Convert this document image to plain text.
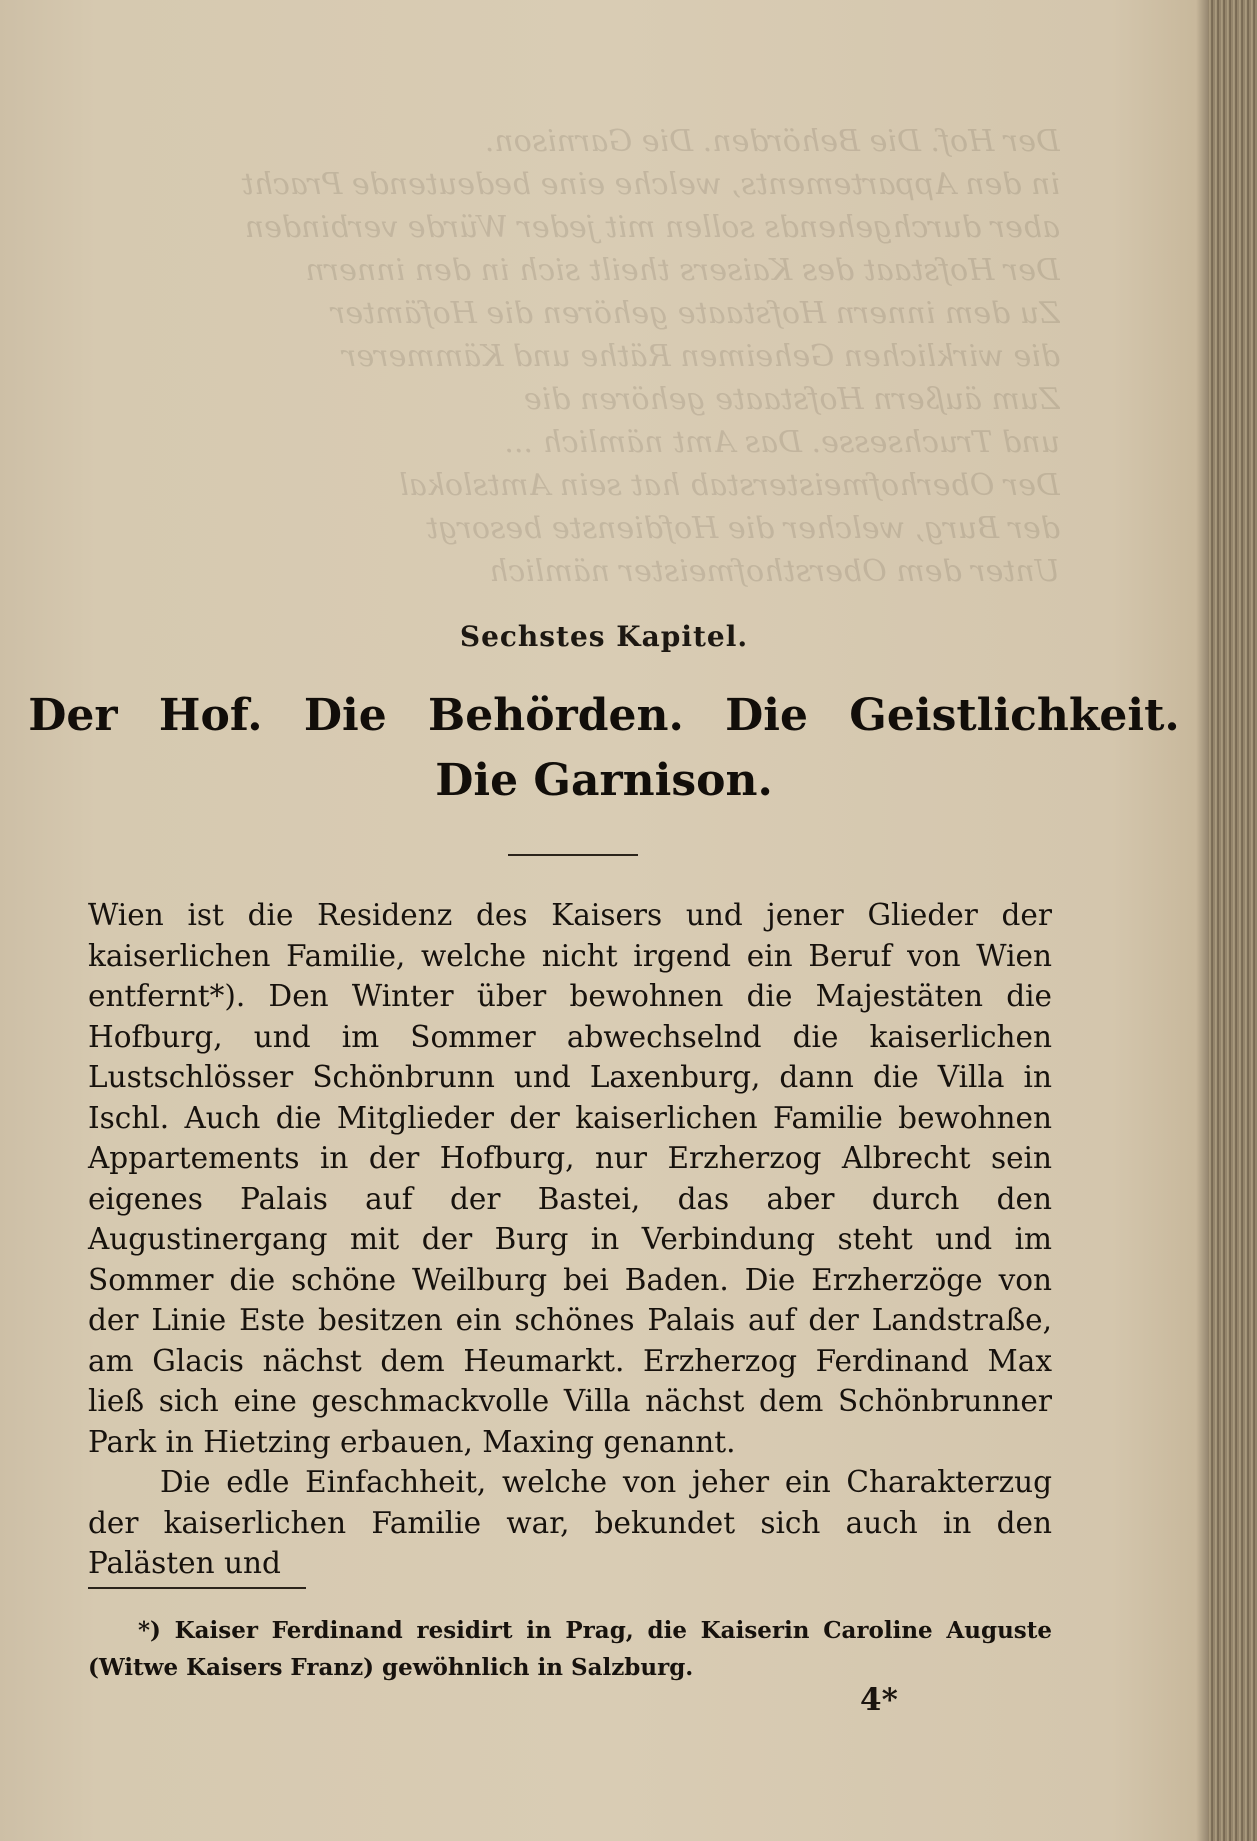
Der Hof. Die Behörden. Die Garnison.
in den Appartements, welche eine bedeutende Pracht
aber durchgehends sollen mit jeder Würde verbinden
Der Hofstaat des Kaisers theilt sich in den innern
Zu dem innern Hofstaate gehören die Hofämter
die wirklichen Geheimen Räthe und Kämmerer
Zum äußern Hofstaate gehören die
und Truchsesse. Das Amt nämlich ...
Der Oberhofmeisterstab hat sein Amtslokal
der Burg, welcher die Hofdienste besorgt
Unter dem Obersthofmeister nämlich
Sechstes Kapitel.
Der Hof. Die Behörden. Die Geistlichkeit.
Die Garnison.

Wien ist die Residenz des Kaisers und jener Glieder der kaiserlichen Familie, welche nicht irgend ein Beruf von Wien entfernt*). Den Winter über bewohnen die Majestäten die Hofburg, und im Sommer abwechselnd die kaiserlichen Lustschlösser Schönbrunn und Laxenburg, dann die Villa in Ischl. Auch die Mitglieder der kaiserlichen Familie bewohnen Appartements in der Hofburg, nur Erzherzog Albrecht sein eigenes Palais auf der Bastei, das aber durch den Augustinergang mit der Burg in Verbindung steht und im Sommer die schöne Weilburg bei Baden. Die Erzherzöge von der Linie Este besitzen ein schönes Palais auf der Landstraße, am Glacis nächst dem Heumarkt. Erzherzog Ferdinand Max ließ sich eine geschmackvolle Villa nächst dem Schönbrunner Park in Hietzing erbauen, Maxing genannt.

Die edle Einfachheit, welche von jeher ein Charakterzug der kaiserlichen Familie war, bekundet sich auch in den Palästen und

*) Kaiser Ferdinand residirt in Prag, die Kaiserin Caroline Auguste (Witwe Kaisers Franz) gewöhnlich in Salzburg.
4*
